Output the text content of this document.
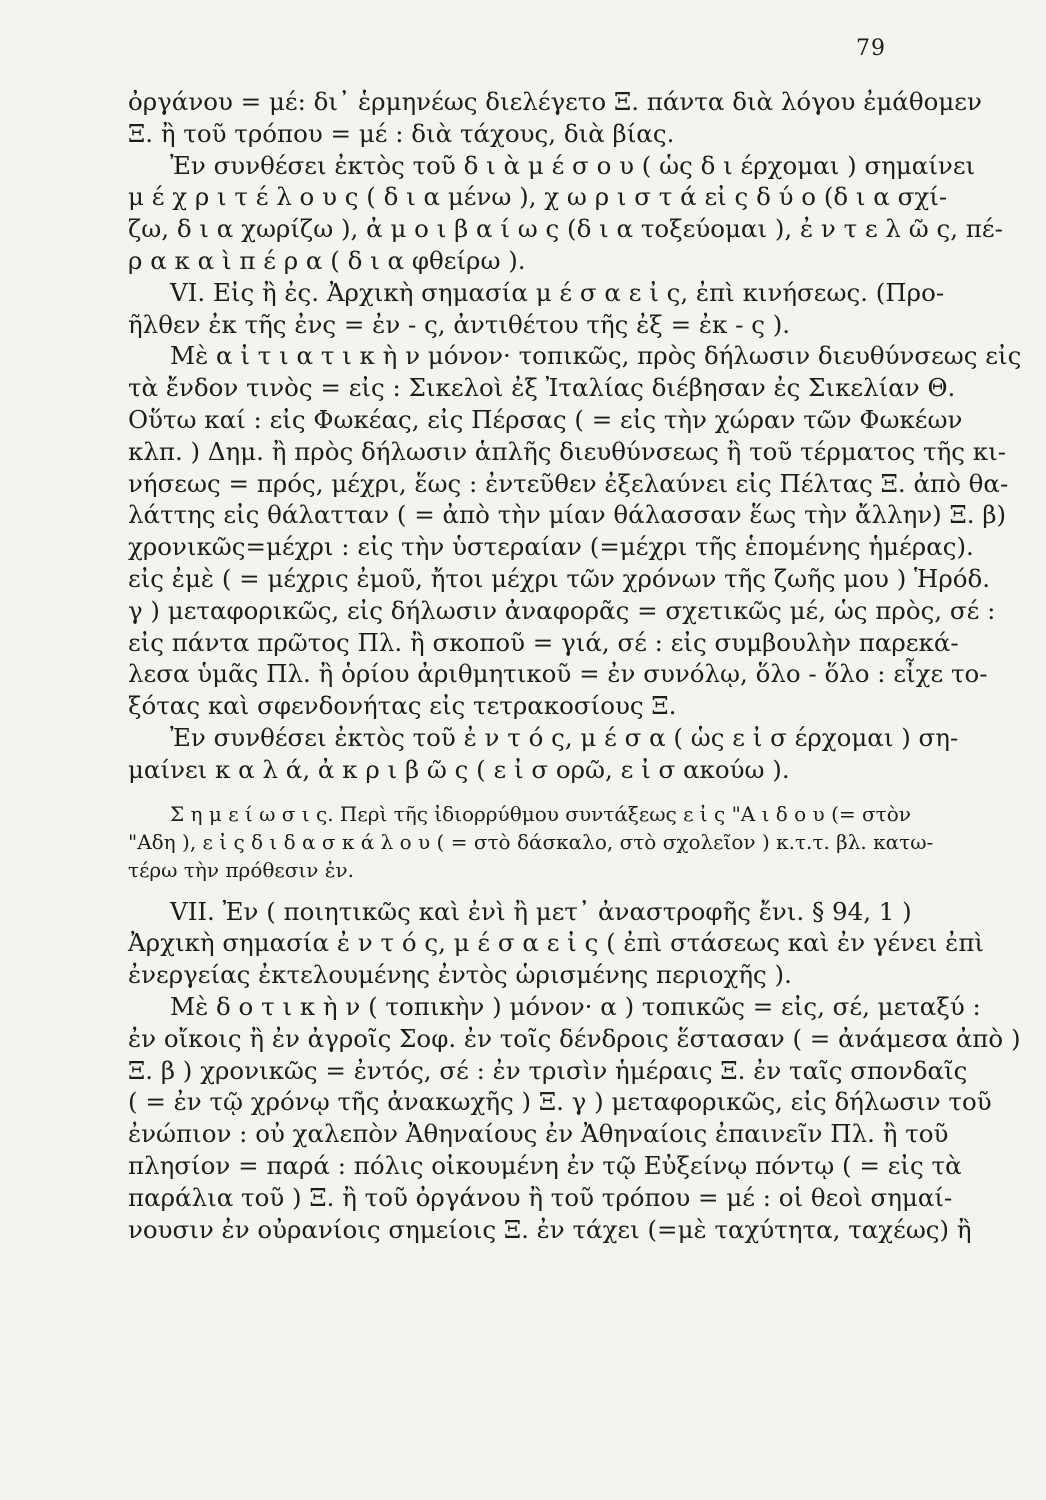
79
ὀργάνου = μέ: δι᾿ ἑρμηνέως διελέγετο Ξ. πάντα διὰ λόγου ἐμάθομεν
Ξ. ἢ τοῦ τρόπου = μέ : διὰ τάχους, διὰ βίας.
Ἐν συνθέσει ἐκτὸς τοῦ δ ι ὰ μ έ σ ο υ ( ὡς δ ι έρχομαι ) σημαίνει
μ έ χ ρ ι τ έ λ ο υ ς ( δ ι α μένω ), χ ω ρ ι σ τ ά εἰ ς δ ύ ο (δ ι α σχί-
ζω, δ ι α χωρίζω ), ἀ μ ο ι β α ί ω ς (δ ι α τοξεύομαι ), ἐ ν τ ε λ ῶ ς, πέ-
ρ α κ α ὶ π έ ρ α ( δ ι α φθείρω ).
VI. Εἰς ἢ ἐς. Ἀρχικὴ σημασία μ έ σ α ε ἰ ς, ἐπὶ κινήσεως. (Προ-
ῆλθεν ἐκ τῆς ἐνς = ἐν - ς, ἀντιθέτου τῆς ἐξ = ἐκ - ς ).
Μὲ α ἰ τ ι α τ ι κ ὴ ν μόνον· τοπικῶς, πρὸς δήλωσιν διευθύνσεως εἰς
τὰ ἔνδον τινὸς = εἰς : Σικελοὶ ἐξ Ἰταλίας διέβησαν ἐς Σικελίαν Θ.
Οὕτω καί : εἰς Φωκέας, εἰς Πέρσας ( = εἰς τὴν χώραν τῶν Φωκέων
κλπ. ) Δημ. ἢ πρὸς δήλωσιν ἁπλῆς διευθύνσεως ἢ τοῦ τέρματος τῆς κι-
νήσεως = πρός, μέχρι, ἕως : ἐντεῦθεν ἐξελαύνει εἰς Πέλτας Ξ. ἀπὸ θα-
λάττης εἰς θάλατταν ( = ἀπὸ τὴν μίαν θάλασσαν ἕως τὴν ἄλλην) Ξ. β)
χρονικῶς=μέχρι : εἰς τὴν ὑστεραίαν (=μέχρι τῆς ἑπομένης ἡμέρας).
εἰς ἐμὲ ( = μέχρις ἐμοῦ, ἤτοι μέχρι τῶν χρόνων τῆς ζωῆς μου ) Ἡρόδ.
γ ) μεταφορικῶς, εἰς δήλωσιν ἀναφορᾶς = σχετικῶς μέ, ὡς πρὸς, σέ :
εἰς πάντα πρῶτος Πλ. ἢ σκοποῦ = γιά, σέ : εἰς συμβουλὴν παρεκά-
λεσα ὑμᾶς Πλ. ἢ ὁρίου ἀριθμητικοῦ = ἐν συνόλῳ, ὅλο - ὅλο : εἶχε το-
ξότας καὶ σφενδονήτας εἰς τετρακοσίους Ξ.
Ἐν συνθέσει ἐκτὸς τοῦ ἐ ν τ ό ς, μ έ σ α ( ὡς ε ἰ σ έρχομαι ) ση-
μαίνει κ α λ ά, ἀ κ ρ ι β ῶ ς ( ε ἰ σ ορῶ, ε ἰ σ ακούω ).
Σ η μ ε ί ω σ ι ς. Περὶ τῆς ἰδιορρύθμου συντάξεως ε ἰ ς "Α ι δ ο υ (= στὸν
"Αδη ), ε ἰ ς δ ι δ α σ κ ά λ ο υ ( = στὸ δάσκαλο, στὸ σχολεῖον ) κ.τ.τ. βλ. κατω-
τέρω τὴν πρόθεσιν ἐν.
VII. Ἐν ( ποιητικῶς καὶ ἐνὶ ἢ μετ᾿ ἀναστροφῆς ἔνι. § 94, 1 )
Ἀρχικὴ σημασία ἐ ν τ ό ς, μ έ σ α ε ἰ ς ( ἐπὶ στάσεως καὶ ἐν γένει ἐπὶ
ἐνεργείας ἐκτελουμένης ἐντὸς ὡρισμένης περιοχῆς ).
Μὲ δ ο τ ι κ ὴ ν ( τοπικὴν ) μόνον· α ) τοπικῶς = εἰς, σέ, μεταξύ :
ἐν οἴκοις ἢ ἐν ἀγροῖς Σοφ. ἐν τοῖς δένδροις ἕστασαν ( = ἀνάμεσα ἀπὸ )
Ξ. β ) χρονικῶς = ἐντός, σέ : ἐν τρισὶν ἡμέραις Ξ. ἐν ταῖς σπονδαῖς
( = ἐν τῷ χρόνῳ τῆς ἀνακωχῆς ) Ξ. γ ) μεταφορικῶς, εἰς δήλωσιν τοῦ
ἐνώπιον : οὐ χαλεπὸν Ἀθηναίους ἐν Ἀθηναίοις ἐπαινεῖν Πλ. ἢ τοῦ
πλησίον = παρά : πόλις οἰκουμένη ἐν τῷ Εὐξείνῳ πόντῳ ( = εἰς τὰ
παράλια τοῦ ) Ξ. ἢ τοῦ ὀργάνου ἢ τοῦ τρόπου = μέ : οἱ θεοὶ σημαί-
νουσιν ἐν οὐρανίοις σημείοις Ξ. ἐν τάχει (=μὲ ταχύτητα, ταχέως) ἢ
